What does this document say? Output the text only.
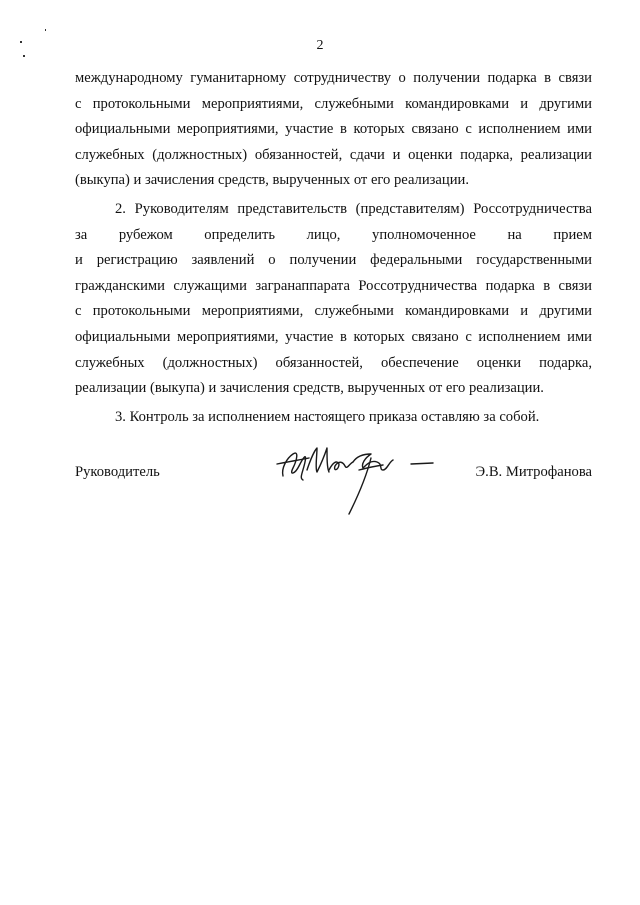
2
международному гуманитарному сотрудничеству о получении подарка в связи
с протокольными мероприятиями, служебными командировками и другими
официальными мероприятиями, участие в которых связано с исполнением ими
служебных (должностных) обязанностей, сдачи и оценки подарка, реализации
(выкупа) и зачисления средств, вырученных от его реализации.
2. Руководителям представительств (представителям) Россотрудничества
за рубежом определить лицо, уполномоченное на прием
и регистрацию заявлений о получении федеральными государственными
гражданскими служащими загранаппарата Россотрудничества подарка в связи
с протокольными мероприятиями, служебными командировками и другими
официальными мероприятиями, участие в которых связано с исполнением ими
служебных (должностных) обязанностей, обеспечение оценки подарка,
реализации (выкупа) и зачисления средств, вырученных от его реализации.
3. Контроль за исполнением настоящего приказа оставляю за собой.
Руководитель	Э.В. Митрофанова
